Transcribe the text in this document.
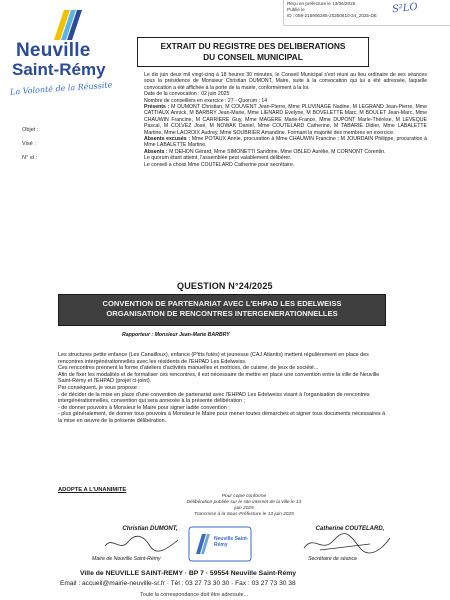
Reçu en préfecture le 13/06/2025
Publié le
ID : 059-215906285-20250610-24_2025-DE
S²LO
Neuville
Saint-Rémy
La Volonté de la Réussite
EXTRAIT DU REGISTRE DES DELIBERATIONS
DU CONSEIL MUNICIPAL
Objet :
Visé :
N° el :

Le dix juin deux mil vingt-cinq à 18 heures 30 minutes, le Conseil Municipal s'est réuni au lieu ordinaire de ses séances sous la présidence de Monsieur Christian DUMONT, Maire, suite à la convocation qui lui a été adressée, laquelle convocation a été affichée à la porte de la mairie, conformément à la loi.

Date de la convocation : 02 juin 2025

Nombre de conseillers en exercice : 27 - Quorum : 14

Présents : M DUMONT Christian, M COUVENT Jean-Pierre, Mme PLUVINAGE Nadine, M LEGRAND Jean-Pierre, Mme CATTIAUX Annick, M BARBRY Jean-Marie, Mme LIENARD Evelyne, M BOVELETTE Marc, M BOULET Jean-Marc, Mme CHAUWIN Francine, M CARRIERE Guy, Mme MAGERE Marie-France, Mme DUPONT Marie-Thérèse, M LEVEQUE Pascal, M COLVEZ José, M NOWAK Daniel, Mme COUTELARD Catherine, M TABARIE Didier, Mme LABALETTE Martine, Mme LACROIX Audrey, Mme SOUBRIER Amandine. Formant la majorité des membres en exercice.

Absents excusés : Mme POTAUX Annie, procuration à Mme CHAUWIN Francine ; M JOURDAIN Philippe, procuration à Mme LABALETTE Martine.

Absents : M DEHON Gérard, Mme SIMONETTI Sandrine, Mme OBLED Aurélie, M CORNONT Corentin.

Le quorum étant atteint, l'assemblée peut valablement délibérer.

Le conseil a choisi Mme COUTELARD Catherine pour secrétaire.

QUESTION N°24/2025
CONVENTION DE PARTENARIAT AVEC L'EHPAD LES EDELWEISS
ORGANISATION DE RENCONTRES INTERGENERATIONNELLES
Rapporteur : Monsieur Jean-Marie BARBRY

Les structures petite enfance (Les Canailloux), enfance (P'tits futés) et jeunesse (CAJ Atlantis) mettent régulièrement en place des rencontres intergénérationnelles avec les résidents de l'EHPAD Les Edelweiss.

Ces rencontres prennent la forme d'ateliers d'activités manuelles et motrices, de cuisine, de jeux de société...

Afin de fixer les modalités et de formaliser ces rencontres, il est nécessaire de mettre en place une convention entre la ville de Neuville Saint-Rémy et l'EHPAD (projet ci-joint).

Par conséquent, je vous propose :

- de décider de la mise en place d'une convention de partenariat avec l'EHPAD Les Edelweiss visant à l'organisation de rencontres intergénérationnelles, convention qui sera annexée à la présente délibération ;

- de donner pouvoirs à Monsieur le Maire pour signer ladite convention ;

- plus généralement, de donner tous pouvoirs à Monsieur le Maire pour mener toutes démarches et signer tous documents nécessaires à la mise en œuvre de la présente délibération.

ADOPTE A L'UNANIMITE
Pour copie conforme
Délibération publiée sur le site internet de la ville le 13 juin 2025
Transmise à la Sous-Préfecture le 13 juin 2025
Christian DUMONT,
Maire de Neuville Saint-Rémy
Catherine COUTELARD,
Secrétaire de séance
Neuville Saint-Rémy
Ville de NEUVILLE SAINT-REMY · BP 7 · 59554 Neuville Saint-Rémy
Email : accueil@mairie-neuville-sr.fr · Tél : 03 27 73 30 30 · Fax : 03 27 73 30 38
Toute la correspondance doit être adressée...
